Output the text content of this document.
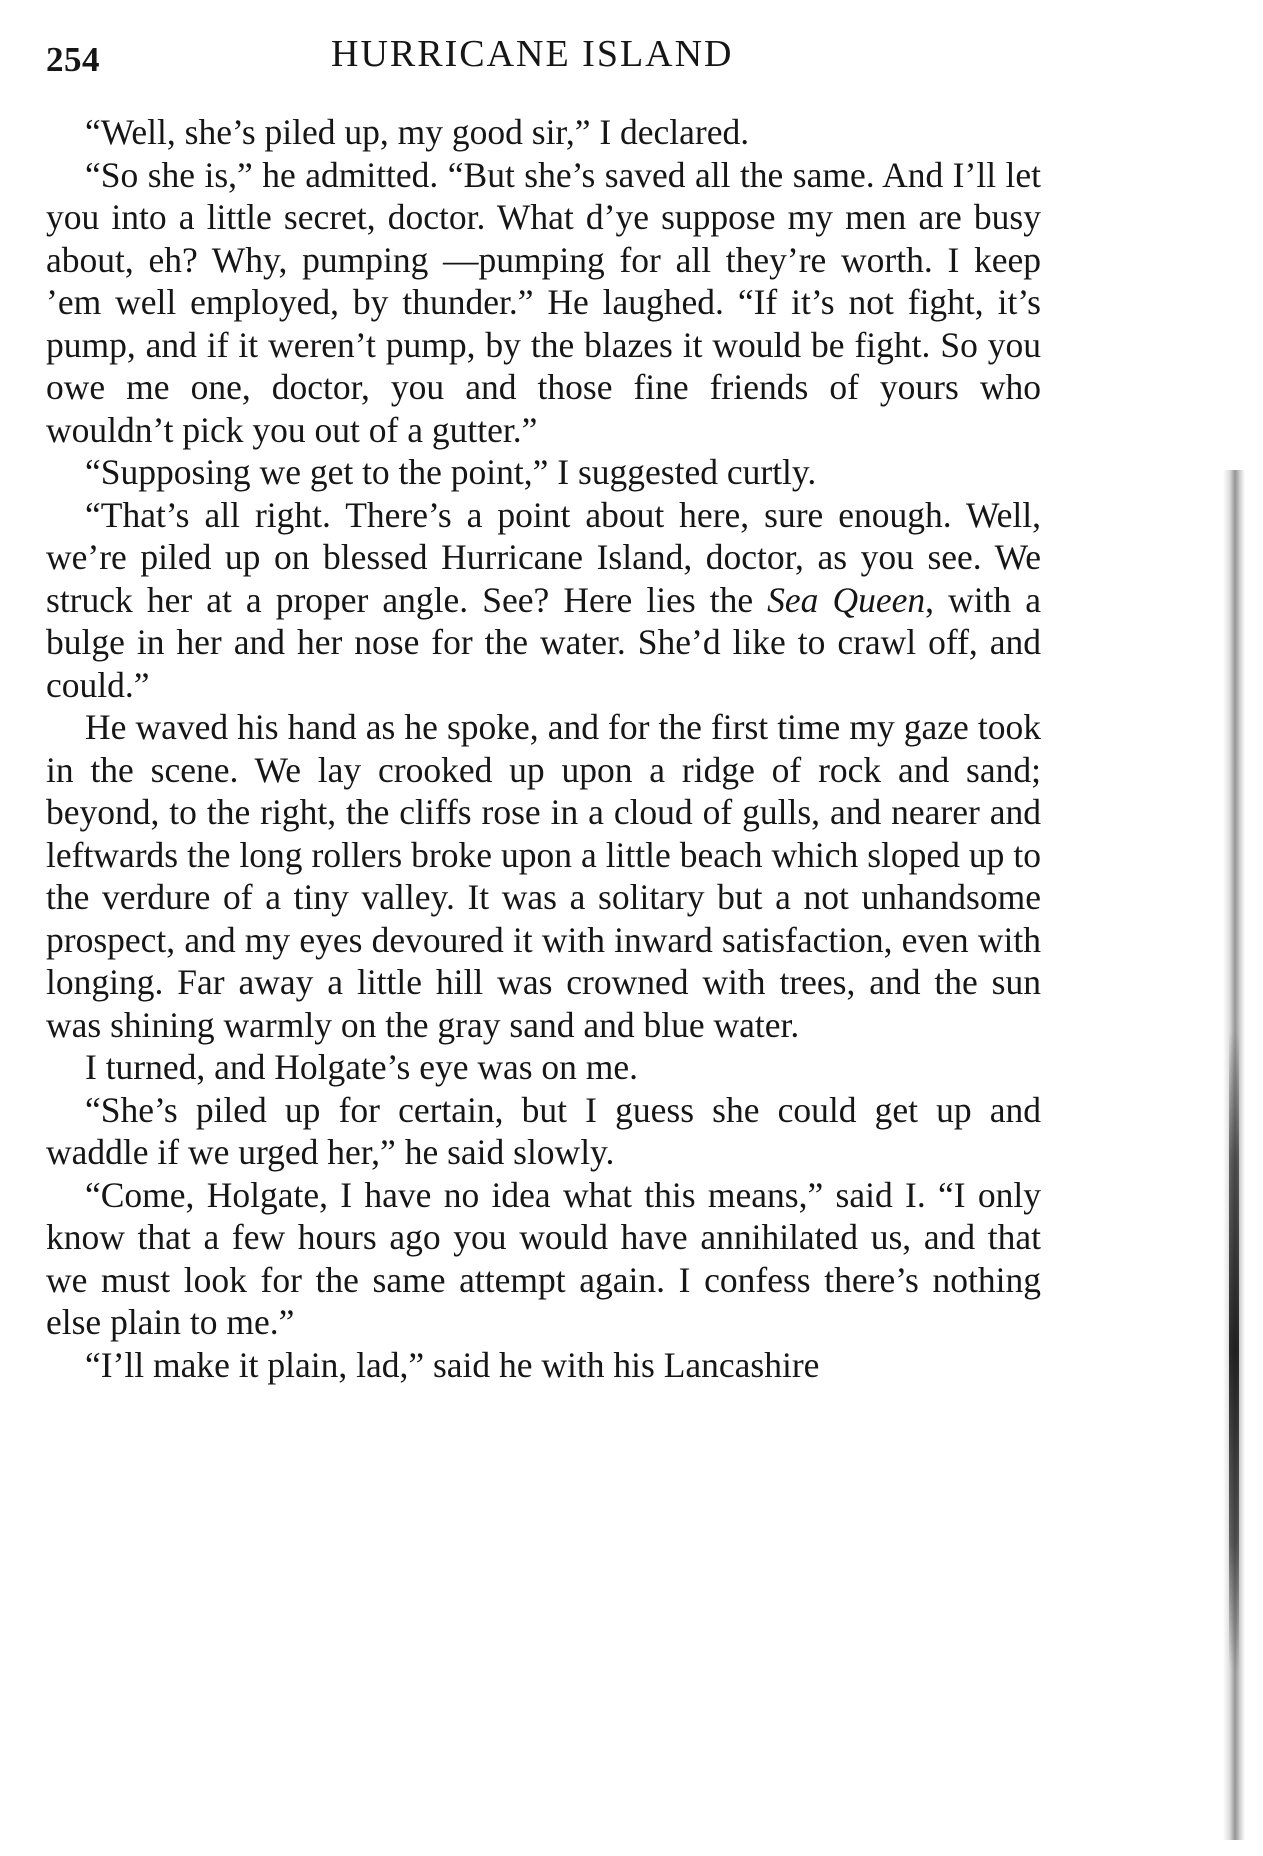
254	HURRICANE ISLAND

“Well, she’s piled up, my good sir,” I declared.

“So she is,” he admitted. “But she’s saved all the same. And I’ll let you into a little secret, doctor. What d’ye suppose my men are busy about, eh? Why, pumping —pumping for all they’re worth. I keep ’em well employed, by thunder.” He laughed. “If it’s not fight, it’s pump, and if it weren’t pump, by the blazes it would be fight. So you owe me one, doctor, you and those fine friends of yours who wouldn’t pick you out of a gutter.”

“Supposing we get to the point,” I suggested curtly.

“That’s all right. There’s a point about here, sure enough. Well, we’re piled up on blessed Hurricane Island, doctor, as you see. We struck her at a proper angle. See? Here lies the Sea Queen, with a bulge in her and her nose for the water. She’d like to crawl off, and could.”

He waved his hand as he spoke, and for the first time my gaze took in the scene. We lay crooked up upon a ridge of rock and sand; beyond, to the right, the cliffs rose in a cloud of gulls, and nearer and leftwards the long rollers broke upon a little beach which sloped up to the verdure of a tiny valley. It was a solitary but a not unhandsome prospect, and my eyes devoured it with inward satisfaction, even with longing. Far away a little hill was crowned with trees, and the sun was shining warmly on the gray sand and blue water.

I turned, and Holgate’s eye was on me.

“She’s piled up for certain, but I guess she could get up and waddle if we urged her,” he said slowly.

“Come, Holgate, I have no idea what this means,” said I. “I only know that a few hours ago you would have annihilated us, and that we must look for the same attempt again. I confess there’s nothing else plain to me.”

“I’ll make it plain, lad,” said he with his Lancashire
